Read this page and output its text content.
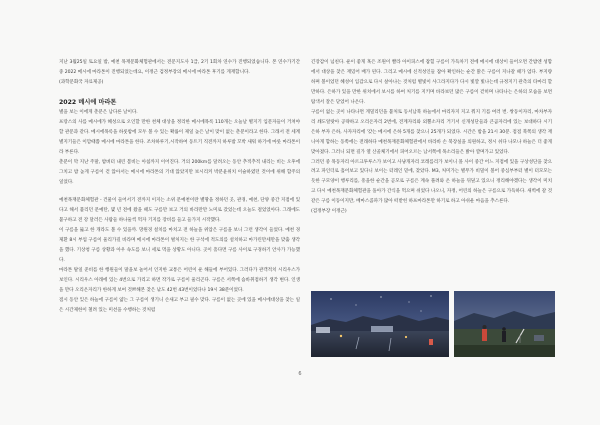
지난 3월25일 토요일 밤, 예천 목재문화체험관에서는 전문지도사 1급, 2기 1회차 연수가 진행되었습니다. 본 연수가기간 중 2022 메시에 마라톤이 진행되었는데요, 이정근 검정부장의 메시에 마라톤 후기를 게재합니다.

(과학문화국 자료제공)

2022 메시에 마라톤

별을 보는 이에게 춘분은 남다른 날이다.
프랑스의 사를 메시에가 혜성으로 오인할 만한 천체 대상을 정리한 메시에목록 110개는 오늘날 별지기 입문자들이 거쳐야 할 관문과 같다. 메시에목록을 하룻밤에 모두 볼 수 있는 확률이 제일 높은 날이 맞이 없는 춘분이라고 한다. 그래서 전 세계 별지기들은 이맘때쯤 메시에 마라톤을 한다. 조차하루기,시작하여 동트기 직전까지 하루밤 꼬박 새워 하기에 마룻 마라톤이라 부른다.
춘분이 막 지난 주말, 밤벼터 내린 봄비는 아침까지 이어진다. 거의 200km를 달려오는 동안 추적추적 내리는 비는 오후에 그치고 밤 높게 구름이 걷 않아서는 메시에 마라톤의 기대 않았지만 보시리커 박분윤위치 이슬하였던 것이에 위해 합주의 일었다.

예천목재문화체험관 - 건물이 들어서기 전까지 이지는 소위 문예천이란 별땅을 정하던 곳, 관경, 예천, 단양 중간 지점에 있다고 해서 불리던 문예탄, 몇 년 전에 왔을 때도 구름만 보고 거의 바라만만 노미로 갔었는데 오늘도 걸었었아다. 그래에도 불구하고 전 강 달러든 사람들 하나둘씩 먹자 기지를 장비를 들고 들가지 시작했다.
이 구름을 뚫고 한 개라도 볼 수 있을까. 망원경 설치를 마치고 전 하늘을 위압은 구름을 보니 그런 생각이 들었다. 예천 경제환 8시 부업 구름이 울리가길 바라며 메시에 마라톤이 벌처지는 한 구석에 적도의를 설치하고 마가린만세만을 맞출 생각을 했다. 기상청 구름 상황과 아우 속도를 보니 세로 먹을 상황도 아니다. 곳이 흩다면 구름 사이로 구경하기 안사가 가능했다.
마라톤 탈일 준비를 한 행원들이 말을보 놀어서 인지한 교통은 어린이 운 해들에 부어있다. 그러다가 관객적치 시리우스가 보인다. 시리우스 아래에 있는 4번으로 가리고 하면 작가로 구름이 울리곤다. 구름은 서쪽에 슴바취점하기 생각 변다. 인생을 만다 오리온자리가 한하게 보여 것쁘해본 찾은 낚도 42번 43번이었다나 19시 38분이었다.
점시 동안 잊은 하늘에 구름이 얇는 그 구름이 생기니 손새고 부고 필수 맞다. 구름이 없는 곳에 있을 메시에대상을 찾는 일은 시간제한이 철려 있는 미션을 수행하는 것처럼

긴장감이 넘친다. 운이 좋게 혹은 조원이 빨라 아이피스에 잡힐 구름이 가득차기 전에 메시에 대상이 들어오면 간밤엔 성함에서 대상을 찾은 재밌어 배가 된다. 그리고 메시에 신적성인들 잡아 확인하는 순간 맑은 구름이 지나갈 때가 엄다. 부지량하며 볼이었던 혜성이 입감으로 다시 살아나는 것처럼 별빛이 샤그라지다가 다시 빛깔 빛나는데 규정지기 관측의 타마리 할 만하다. 은하가 있을 만한 위치에서 보시를 하여 처기를 지키며 바라보던 많은 구름이 걷히며 나타나는 은하의 모습을 보면 탐색서 잘은 닫었어 나온다.
구름이 없는 곳이 나타나면 게밀리던을 불처토 동서남북 하늘에서 마리자지 지고 뭐지 기를 여러 번. 쌍동이자리, 마차부자리 쇄도알랏아 공략하고 오리온자리 2번에, 견계자리와 외뿔소자리 거기서 신개성단들과 큰곰자리에 있는 보대하다 시기 은하 부자 은하, 사자자리에 '갖는 메시에 은하 5개를 찾으니 25개가 되었다. 시간은 밤을 21시 30분. 점점 북쪽의 생각 재니아게 합하는 동쪽에는 전래하다 예천목재문화체험관에서 바라바 손 북장실을 의원하고, 정시 쉬다 나모나 하늘은 더 좋게 맞아졌다. 그러니 되면 길가 열 산골체기에서 피어오르는 남서쪽에 목소리들은 밝아 깔며가고 있었다.
그러던 중 목동자리 아르크투루스가 보이고 사냥개자리 코레를리가 보이니 몰 사이 중간 어느 지점에 있을 구상성단을 찾으려고 파인더로 흘어보고 있다니 보이는 터레인 밑에, 찾았다. M3, 처미가는 별무가 비밀이 볼어 중심부부터 별이 터모모는 듯한 구모양이 행루리를, 흥을한 순간을 곧모로 구름은 계속 풀려와 온 하늘을 뒤덮고 있으니 정리해야겠다는 생각이 미치고 다시 예천목재문화체험관을 돌아가 간식을 먹으며 쉬었다 나오니, 자정, 어린의 하늘은 구름으로 가득하다. 새벽에 갈 것 같은 구름 이동이지만, 베마스콤파가 많아 떠받힌 하프마라톤만 하기로 하고 아쉬운 마음을 추스른다.
(검정부장 이정근)

6
